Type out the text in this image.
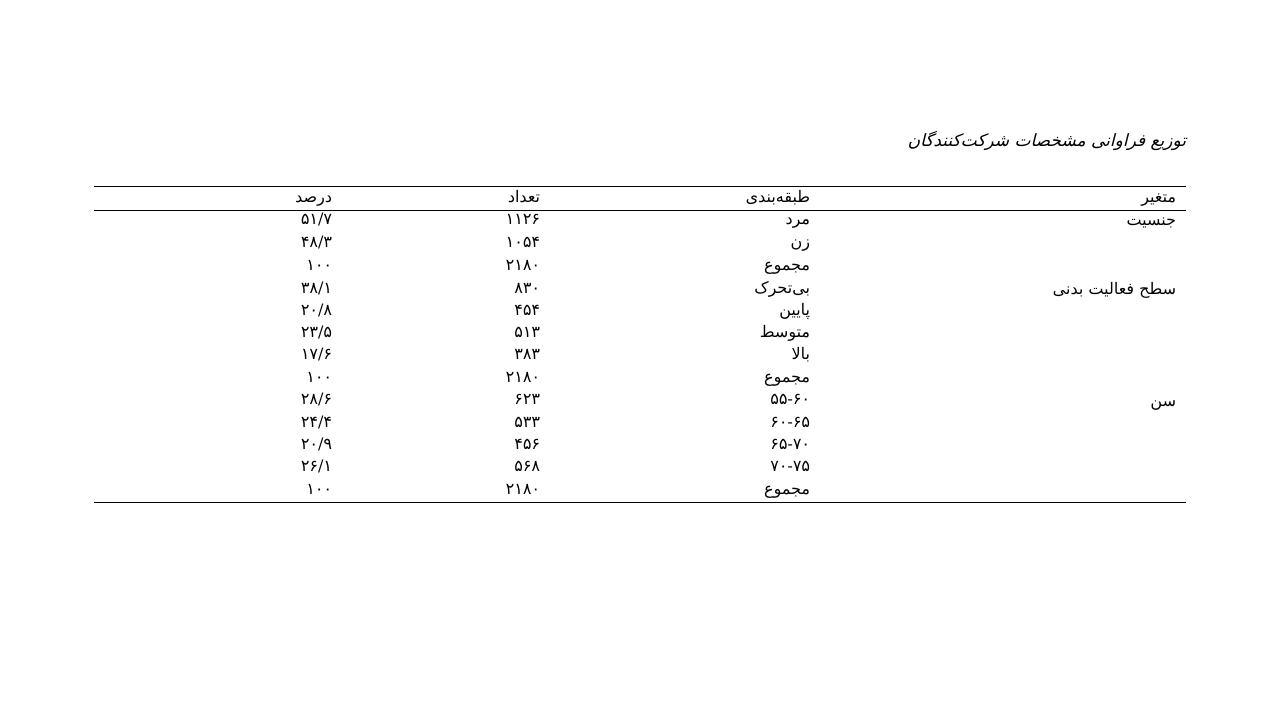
توزیع فراوانی مشخصات شرکت‌کنندگان
متغیر
طبقه‌بندی
تعداد
درصد
جنسیت
سطح فعالیت بدنی
سن
مرد
۱۱۲۶
۵۱/۷
زن
۱۰۵۴
۴۸/۳
مجموع
۲۱۸۰
۱۰۰
بی‌تحرک
۸۳۰
۳۸/۱
پایین
۴۵۴
۲۰/۸
متوسط
۵۱۳
۲۳/۵
بالا
۳۸۳
۱۷/۶
مجموع
۲۱۸۰
۱۰۰
۵۵-۶۰
۶۲۳
۲۸/۶
۶۰-۶۵
۵۳۳
۲۴/۴
۶۵-۷۰
۴۵۶
۲۰/۹
۷۰-۷۵
۵۶۸
۲۶/۱
مجموع
۲۱۸۰
۱۰۰
